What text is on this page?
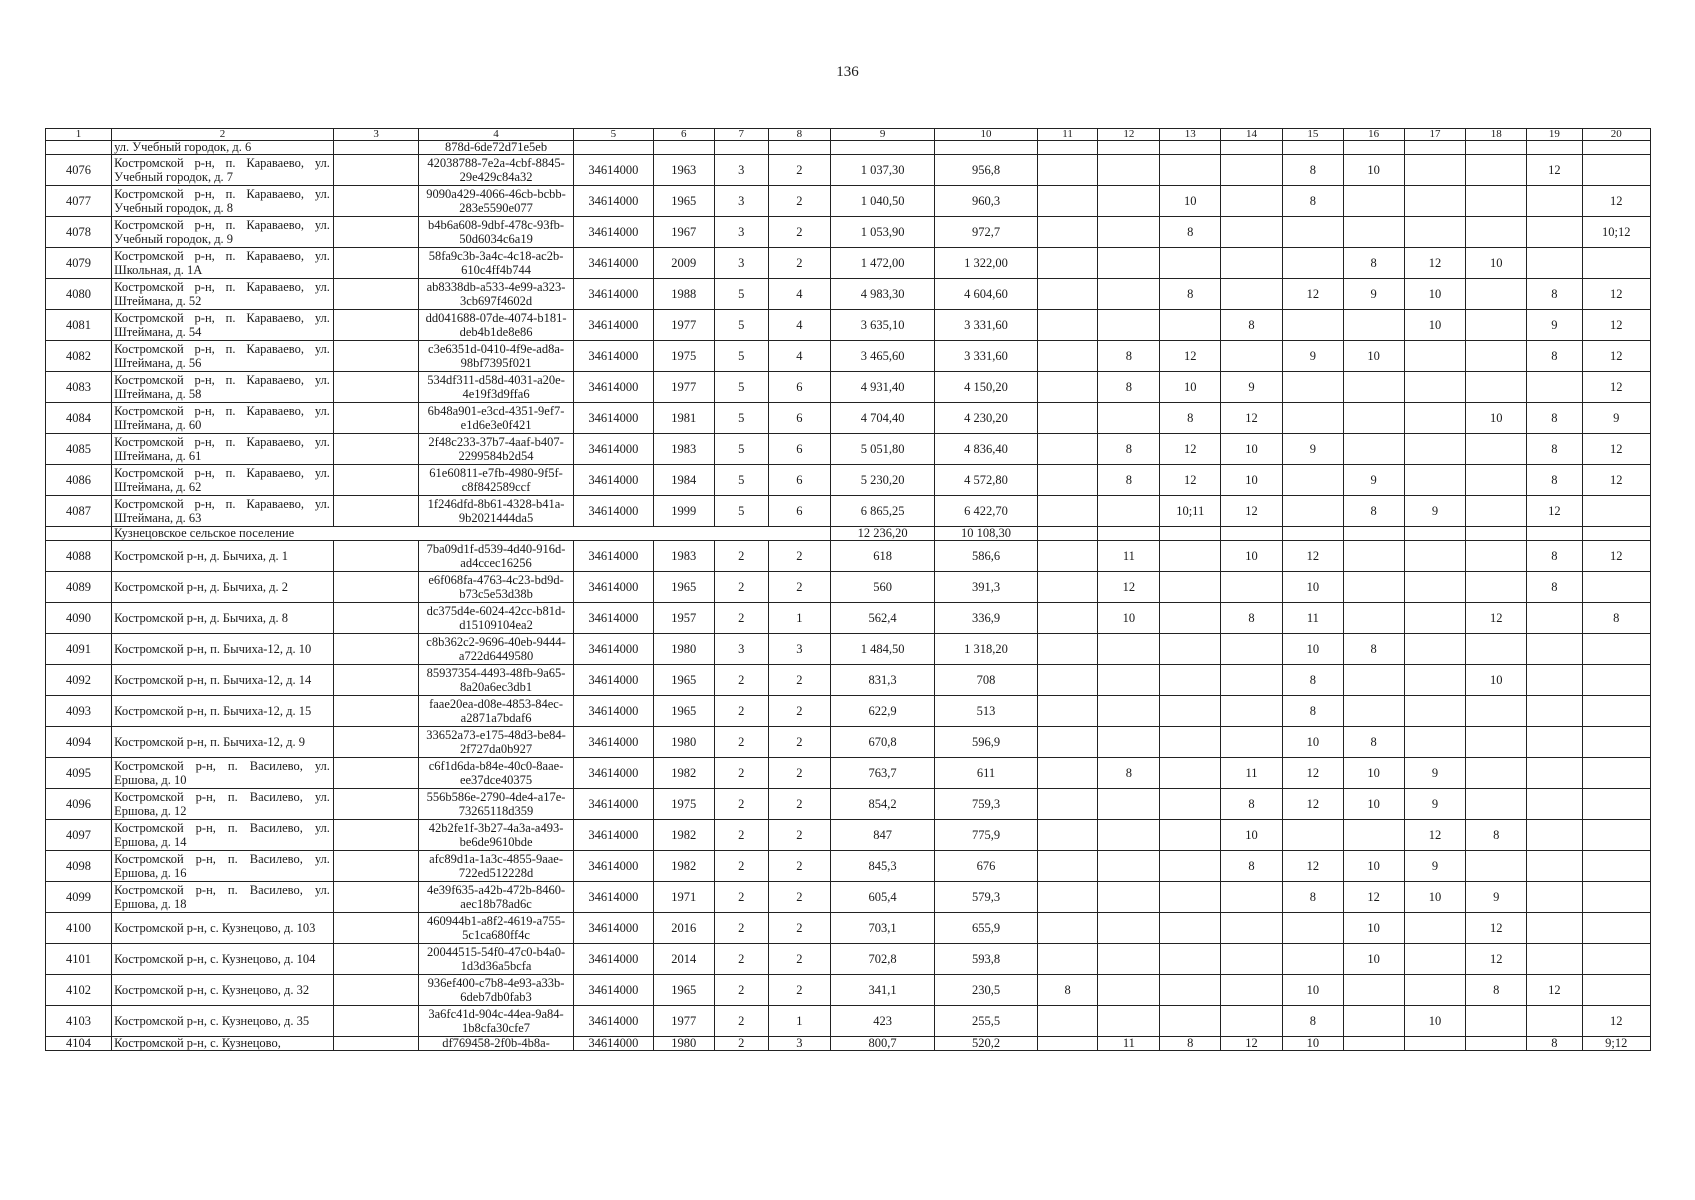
136
1	2	3	4	5	6	7	8	9	10	11	12	13	14	15	16	17	18	19	20
	ул. Учебный городок, д. 6		878d-6de72d71e5eb																
4076	Костромской р-н, п. Караваево, ул. Учебный городок, д. 7		42038788-7e2a-4cbf-8845-29e429c84a32	34614000	1963	3	2	1 037,30	956,8					8	10			12	
4077	Костромской р-н, п. Караваево, ул. Учебный городок, д. 8		9090a429-4066-46cb-bcbb-283e5590e077	34614000	1965	3	2	1 040,50	960,3			10		8					12
4078	Костромской р-н, п. Караваево, ул. Учебный городок, д. 9		b4b6a608-9dbf-478c-93fb-50d6034c6a19	34614000	1967	3	2	1 053,90	972,7			8							10;12
4079	Костромской р-н, п. Караваево, ул. Школьная, д. 1А		58fa9c3b-3a4c-4c18-ac2b-610c4ff4b744	34614000	2009	3	2	1 472,00	1 322,00						8	12	10		
4080	Костромской р-н, п. Караваево, ул. Штеймана, д. 52		ab8338db-a533-4e99-a323-3cb697f4602d	34614000	1988	5	4	4 983,30	4 604,60			8		12	9	10		8	12
4081	Костромской р-н, п. Караваево, ул. Штеймана, д. 54		dd041688-07de-4074-b181-deb4b1de8e86	34614000	1977	5	4	3 635,10	3 331,60				8			10		9	12
4082	Костромской р-н, п. Караваево, ул. Штеймана, д. 56		c3e6351d-0410-4f9e-ad8a-98bf7395f021	34614000	1975	5	4	3 465,60	3 331,60		8	12		9	10			8	12
4083	Костромской р-н, п. Караваево, ул. Штеймана, д. 58		534df311-d58d-4031-a20e-4e19f3d9ffa6	34614000	1977	5	6	4 931,40	4 150,20		8	10	9						12
4084	Костромской р-н, п. Караваево, ул. Штеймана, д. 60		6b48a901-e3cd-4351-9ef7-e1d6e3e0f421	34614000	1981	5	6	4 704,40	4 230,20			8	12				10	8	9
4085	Костромской р-н, п. Караваево, ул. Штеймана, д. 61		2f48c233-37b7-4aaf-b407-2299584b2d54	34614000	1983	5	6	5 051,80	4 836,40		8	12	10	9				8	12
4086	Костромской р-н, п. Караваево, ул. Штеймана, д. 62		61e60811-e7fb-4980-9f5f-c8f842589ccf	34614000	1984	5	6	5 230,20	4 572,80		8	12	10		9			8	12
4087	Костромской р-н, п. Караваево, ул. Штеймана, д. 63		1f246dfd-8b61-4328-b41a-9b2021444da5	34614000	1999	5	6	6 865,25	6 422,70			10;11	12		8	9		12	
	Кузнецовское сельское поселение							12 236,20	10 108,30										
4088	Костромской р-н, д. Бычиха, д. 1		7ba09d1f-d539-4d40-916d-ad4ccec16256	34614000	1983	2	2	618	586,6		11		10	12				8	12
4089	Костромской р-н, д. Бычиха, д. 2		e6f068fa-4763-4c23-bd9d-b73c5e53d38b	34614000	1965	2	2	560	391,3		12			10				8	
4090	Костромской р-н, д. Бычиха, д. 8		dc375d4e-6024-42cc-b81d-d15109104ea2	34614000	1957	2	1	562,4	336,9		10		8	11			12		8
4091	Костромской р-н, п. Бычиха-12, д. 10		c8b362c2-9696-40eb-9444-a722d6449580	34614000	1980	3	3	1 484,50	1 318,20					10	8				
4092	Костромской р-н, п. Бычиха-12, д. 14		85937354-4493-48fb-9a65-8a20a6ec3db1	34614000	1965	2	2	831,3	708					8			10		
4093	Костромской р-н, п. Бычиха-12, д. 15		faae20ea-d08e-4853-84ec-a2871a7bdaf6	34614000	1965	2	2	622,9	513					8					
4094	Костромской р-н, п. Бычиха-12, д. 9		33652a73-e175-48d3-be84-2f727da0b927	34614000	1980	2	2	670,8	596,9					10	8				
4095	Костромской р-н, п. Василево, ул. Ершова, д. 10		c6f1d6da-b84e-40c0-8aae-ee37dce40375	34614000	1982	2	2	763,7	611		8		11	12	10	9			
4096	Костромской р-н, п. Василево, ул. Ершова, д. 12		556b586e-2790-4de4-a17e-73265118d359	34614000	1975	2	2	854,2	759,3				8	12	10	9			
4097	Костромской р-н, п. Василево, ул. Ершова, д. 14		42b2fe1f-3b27-4a3a-a493-be6de9610bde	34614000	1982	2	2	847	775,9				10			12	8		
4098	Костромской р-н, п. Василево, ул. Ершова, д. 16		afc89d1a-1a3c-4855-9aae-722ed512228d	34614000	1982	2	2	845,3	676				8	12	10	9			
4099	Костромской р-н, п. Василево, ул. Ершова, д. 18		4e39f635-a42b-472b-8460-aec18b78ad6c	34614000	1971	2	2	605,4	579,3					8	12	10	9		
4100	Костромской р-н, с. Кузнецово, д. 103		460944b1-a8f2-4619-a755-5c1ca680ff4c	34614000	2016	2	2	703,1	655,9						10		12		
4101	Костромской р-н, с. Кузнецово, д. 104		20044515-54f0-47c0-b4a0-1d3d36a5bcfa	34614000	2014	2	2	702,8	593,8						10		12		
4102	Костромской р-н, с. Кузнецово, д. 32		936ef400-c7b8-4e93-a33b-6deb7db0fab3	34614000	1965	2	2	341,1	230,5	8				10			8	12	
4103	Костромской р-н, с. Кузнецово, д. 35		3a6fc41d-904c-44ea-9a84-1b8cfa30cfe7	34614000	1977	2	1	423	255,5					8		10			12
4104	Костромской р-н, с. Кузнецово,		df769458-2f0b-4b8a-	34614000	1980	2	3	800,7	520,2		11	8	12	10				8	9;12
